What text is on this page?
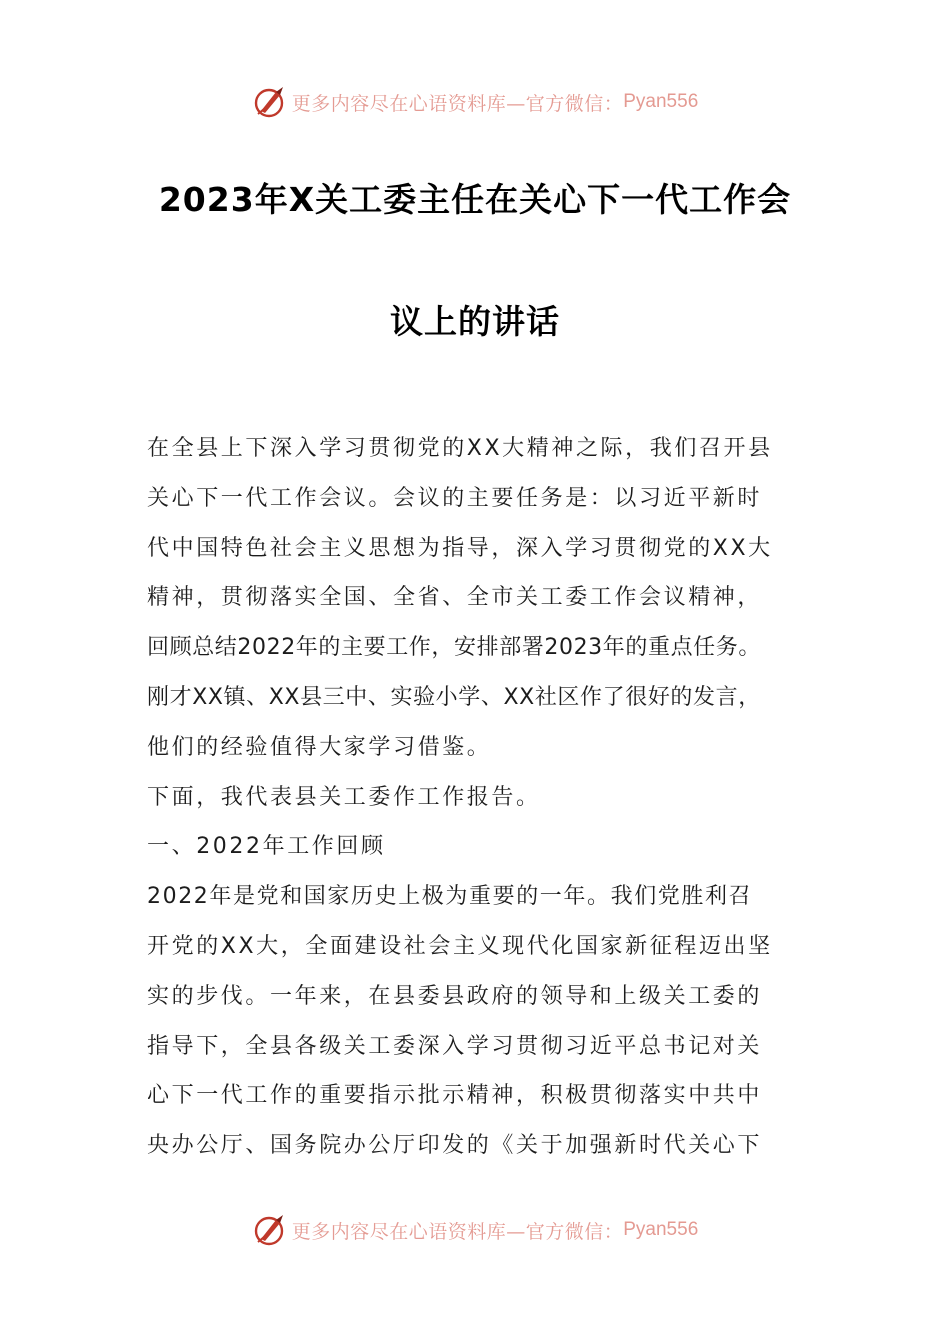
更多内容尽在心语资料库—官方微信： Pyan556
2023年X关工委主任在关心下一代工作会
议上的讲话
在全县上下深入学习贯彻党的XX大精神之际，我们召开县
关心下一代工作会议。会议的主要任务是：以习近平新时
代中国特色社会主义思想为指导，深入学习贯彻党的XX大
精神，贯彻落实全国、全省、全市关工委工作会议精神，
回顾总结2022年的主要工作，安排部署2023年的重点任务。
刚才XX镇、XX县三中、实验小学、XX社区作了很好的发言，
他们的经验值得大家学习借鉴。
下面，我代表县关工委作工作报告。
一、2022年工作回顾
2022年是党和国家历史上极为重要的一年。我们党胜利召
开党的XX大，全面建设社会主义现代化国家新征程迈出坚
实的步伐。一年来，在县委县政府的领导和上级关工委的
指导下，全县各级关工委深入学习贯彻习近平总书记对关
心下一代工作的重要指示批示精神，积极贯彻落实中共中
央办公厅、国务院办公厅印发的《关于加强新时代关心下
更多内容尽在心语资料库—官方微信： Pyan556
